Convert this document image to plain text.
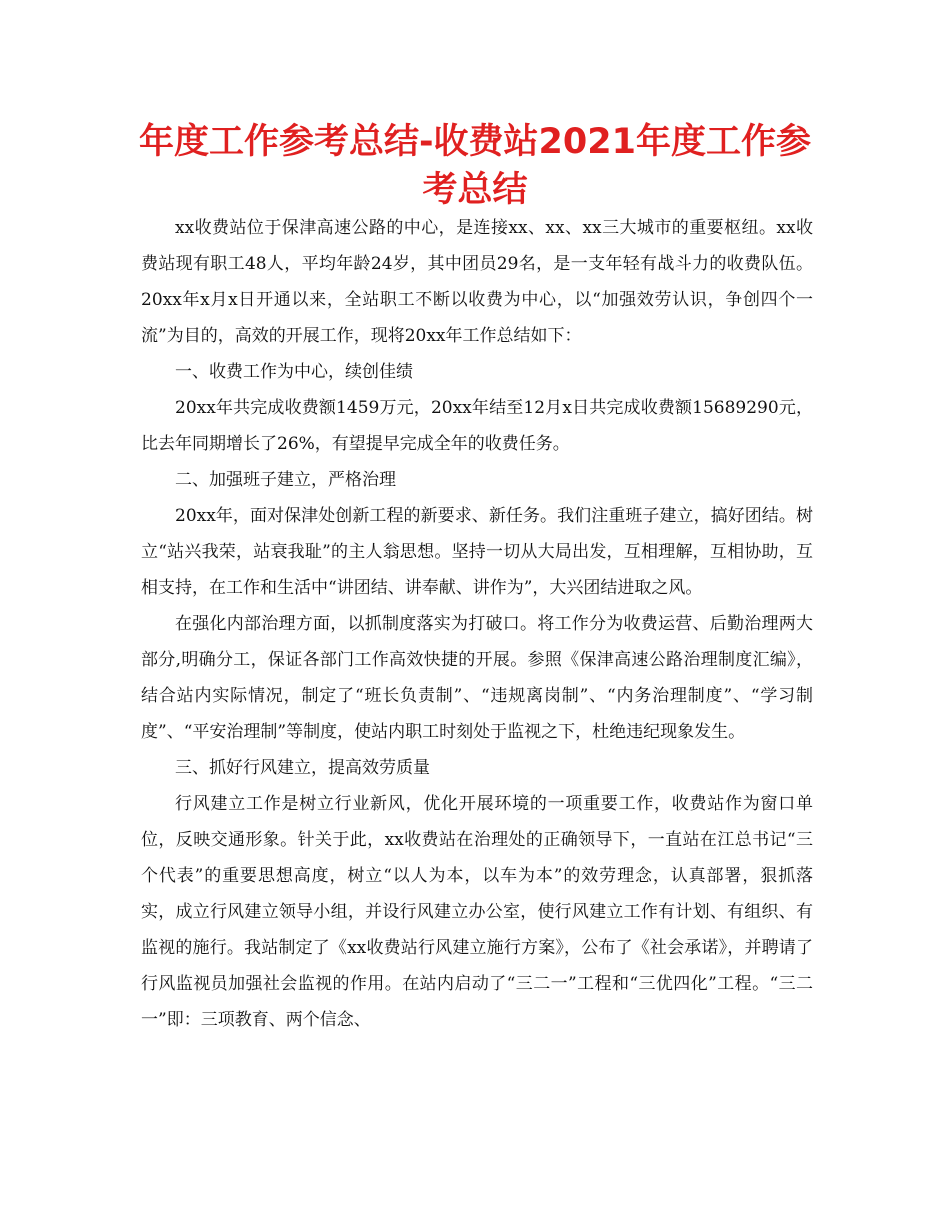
年度工作参考总结-收费站2021年度工作参考总结

xx收费站位于保津高速公路的中心，是连接xx、xx、xx三大城市的重要枢纽。xx收费站现有职工48人，平均年龄24岁，其中团员29名，是一支年轻有战斗力的收费队伍。20xx年x月x日开通以来，全站职工不断以收费为中心，以“加强效劳认识，争创四个一流”为目的，高效的开展工作，现将20xx年工作总结如下：

一、收费工作为中心，续创佳绩

20xx年共完成收费额1459万元，20xx年结至12月x日共完成收费额15689290元，比去年同期增长了26%，有望提早完成全年的收费任务。

二、加强班子建立，严格治理

20xx年，面对保津处创新工程的新要求、新任务。我们注重班子建立，搞好团结。树立“站兴我荣，站衰我耻”的主人翁思想。坚持一切从大局出发，互相理解，互相协助，互相支持，在工作和生活中“讲团结、讲奉献、讲作为”，大兴团结进取之风。

在强化内部治理方面，以抓制度落实为打破口。将工作分为收费运营、后勤治理两大部分,明确分工，保证各部门工作高效快捷的开展。参照《保津高速公路治理制度汇编》，结合站内实际情况，制定了“班长负责制”、“违规离岗制”、“内务治理制度”、“学习制度”、“平安治理制”等制度，使站内职工时刻处于监视之下，杜绝违纪现象发生。

三、抓好行风建立，提高效劳质量

行风建立工作是树立行业新风，优化开展环境的一项重要工作，收费站作为窗口单位，反映交通形象。针关于此，xx收费站在治理处的正确领导下，一直站在江总书记“三个代表”的重要思想高度，树立“以人为本，以车为本”的效劳理念，认真部署，狠抓落实，成立行风建立领导小组，并设行风建立办公室，使行风建立工作有计划、有组织、有监视的施行。我站制定了《xx收费站行风建立施行方案》，公布了《社会承诺》，并聘请了行风监视员加强社会监视的作用。在站内启动了“三二一”工程和“三优四化”工程。“三二一”即：三项教育、两个信念、
